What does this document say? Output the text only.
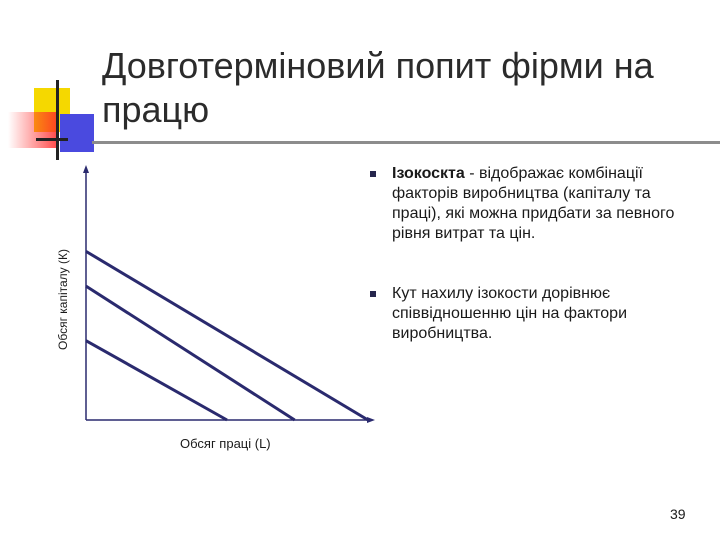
Довготерміновий попит фірми на працю
Обсяг капіталу (К)
Обсяг праці (L)
Ізокоскта - відображає комбінації факторів виробництва (капіталу та праці), які можна придбати за певного рівня витрат та цін.
Кут нахилу ізокости дорівнює співвідношенню цін на фактори виробництва.
39
